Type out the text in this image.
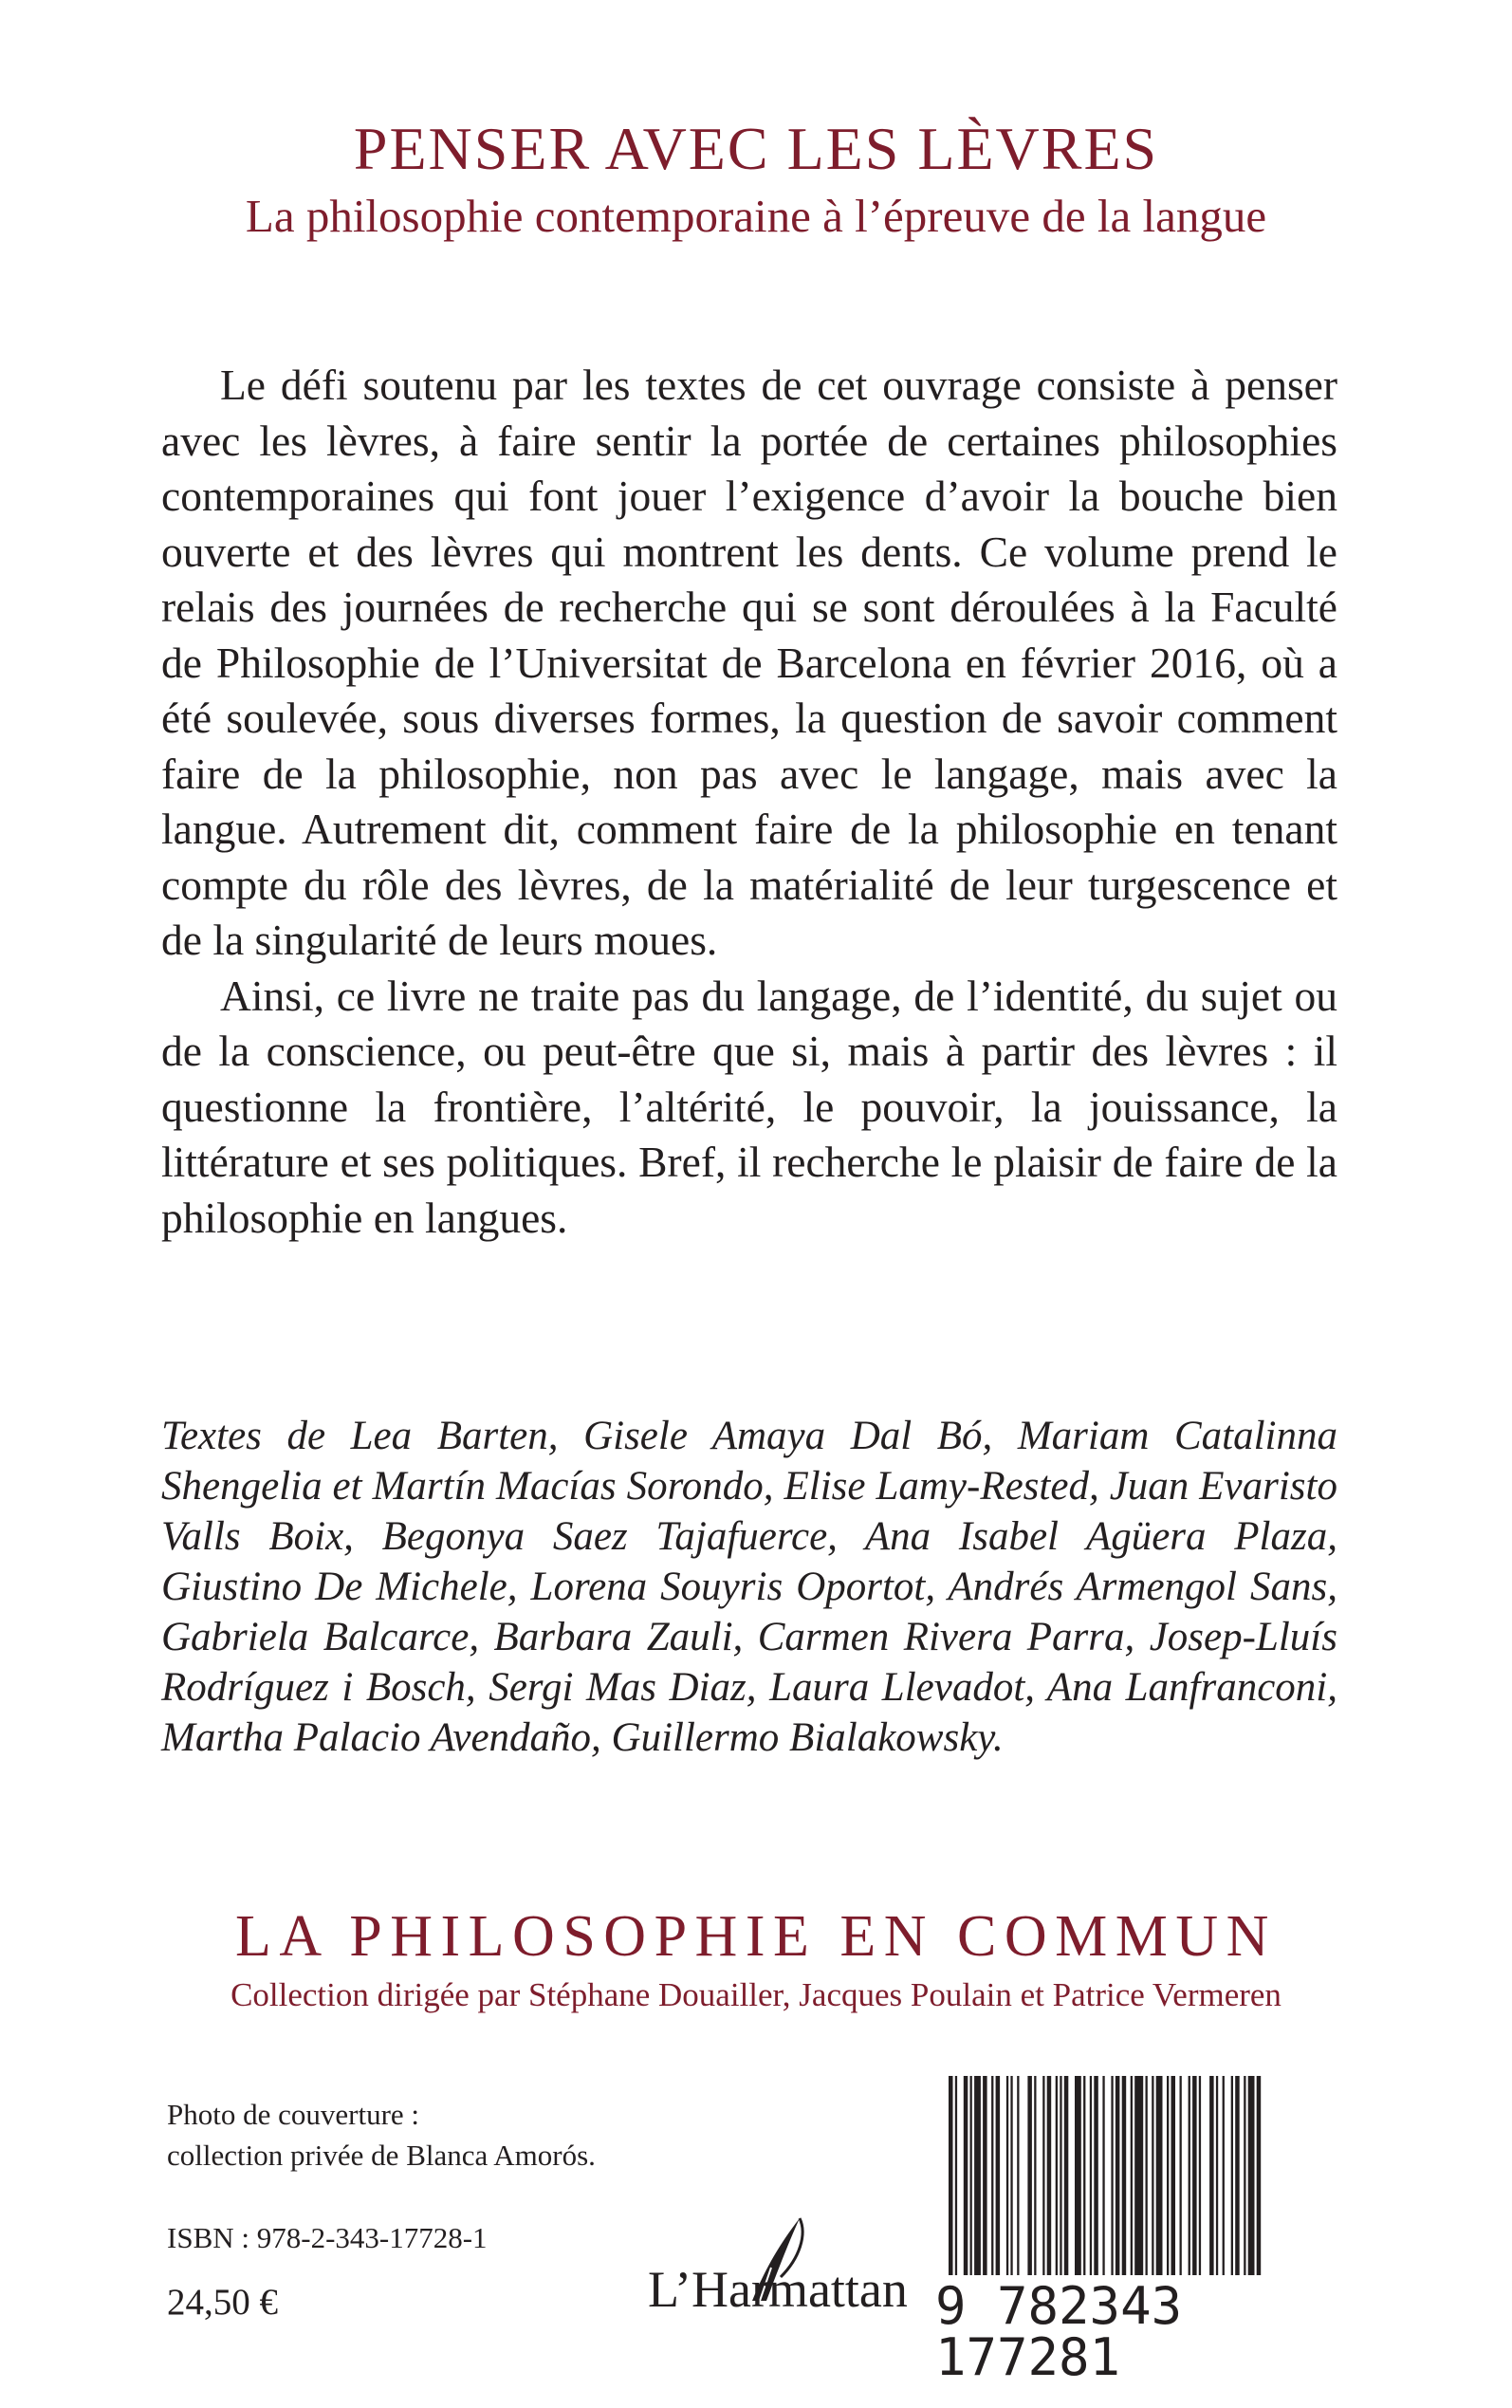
PENSER AVEC LES LÈVRES
La philosophie contemporaine à l’épreuve de la langue

Le défi soutenu par les textes de cet ouvrage consiste à penser avec les lèvres, à faire sentir la portée de certaines philosophies contemporaines qui font jouer l’exigence d’avoir la bouche bien ouverte et des lèvres qui montrent les dents. Ce volume prend le relais des journées de recherche qui se sont déroulées à la Faculté de Philosophie de l’Universitat de Barcelona en février 2016, où a été soulevée, sous diverses formes, la question de savoir comment faire de la philosophie, non pas avec le langage, mais avec la langue. Autrement dit, comment faire de la philosophie en tenant compte du rôle des lèvres, de la matérialité de leur turgescence et de la singularité de leurs moues.

Ainsi, ce livre ne traite pas du langage, de l’identité, du sujet ou de la conscience, ou peut-être que si, mais à partir des lèvres : il questionne la frontière, l’altérité, le pouvoir, la jouissance, la littérature et ses politiques. Bref, il recherche le plaisir de faire de la philosophie en langues.

Textes de Lea Barten, Gisele Amaya Dal Bó, Mariam Catalinna Shengelia et Martín Macías Sorondo, Elise Lamy-Rested, Juan Evaristo Valls Boix, Begonya Saez Tajafuerce, Ana Isabel Agüera Plaza, Giustino De Michele, Lorena Souyris Oportot, Andrés Armengol Sans, Gabriela Balcarce, Barbara Zauli, Carmen Rivera Parra, Josep-Lluís Rodríguez i Bosch, Sergi Mas Diaz, Laura Llevadot, Ana Lanfranconi, Martha Palacio Avendaño, Guillermo Bialakowsky.

LA PHILOSOPHIE EN COMMUN
Collection dirigée par Stéphane Douailler, Jacques Poulain et Patrice Vermeren
Photo de couverture :
collection privée de Blanca Amorós.
ISBN : 978-2-343-17728-1
24,50 €	L’Harmattan 9 782343 177281
